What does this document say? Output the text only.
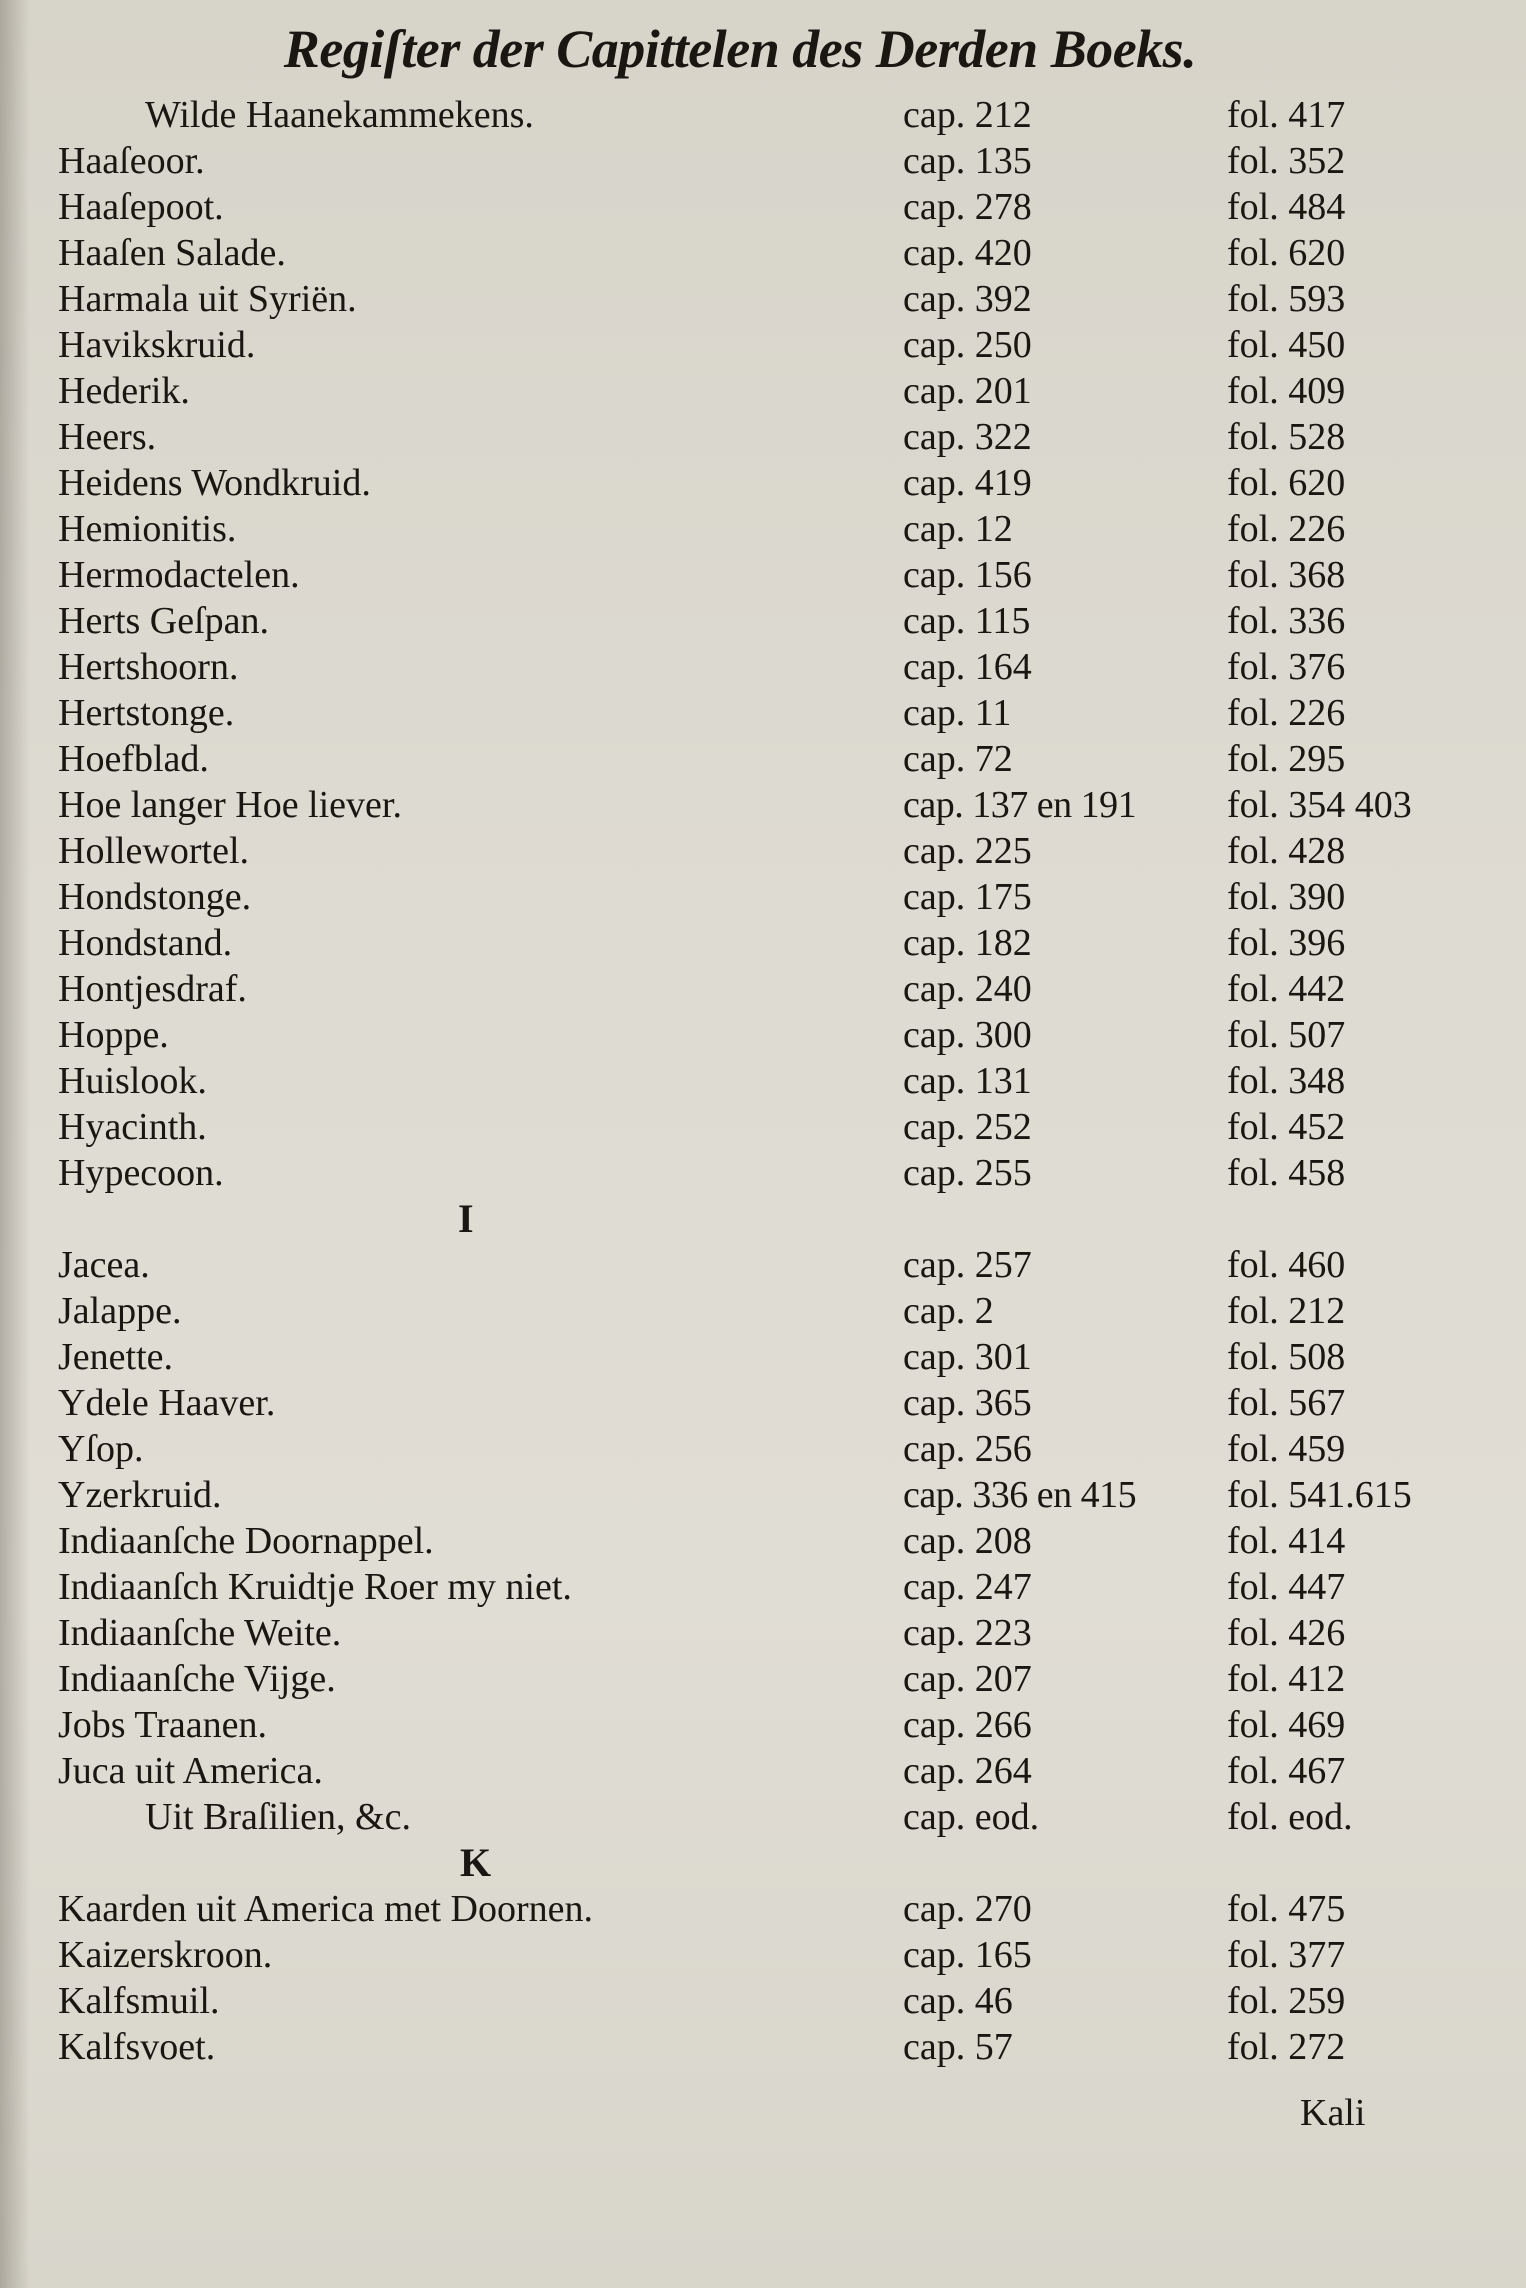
Regiſter der Capittelen des Derden Boeks.
Wilde Haanekammekens.	cap. 212	fol. 417
Haaſeoor.	cap. 135	fol. 352
Haaſepoot.	cap. 278	fol. 484
Haaſen Salade.	cap. 420	fol. 620
Harmala uit Syriën.	cap. 392	fol. 593
Havikskruid.	cap. 250	fol. 450
Hederik.	cap. 201	fol. 409
Heers.	cap. 322	fol. 528
Heidens Wondkruid.	cap. 419	fol. 620
Hemionitis.	cap. 12	fol. 226
Hermodactelen.	cap. 156	fol. 368
Herts Geſpan.	cap. 115	fol. 336
Hertshoorn.	cap. 164	fol. 376
Hertstonge.	cap. 11	fol. 226
Hoefblad.	cap. 72	fol. 295
Hoe langer Hoe liever.	cap. 137 en 191 fol. 354 403
Hollewortel.	cap. 225	fol. 428
Hondstonge.	cap. 175	fol. 390
Hondstand.	cap. 182	fol. 396
Hontjesdraf.	cap. 240	fol. 442
Hoppe.	cap. 300	fol. 507
Huislook.	cap. 131	fol. 348
Hyacinth.	cap. 252	fol. 452
Hypecoon.	cap. 255	fol. 458
Jacea.	cap. 257	fol. 460
Jalappe.	cap. 2	fol. 212
Jenette.	cap. 301	fol. 508
Ydele Haaver.	cap. 365	fol. 567
Yſop.	cap. 256	fol. 459
Yzerkruid.	cap. 336 en 415 fol. 541.615
Indiaanſche Doornappel.	cap. 208	fol. 414
Indiaanſch Kruidtje Roer my niet.	cap. 247	fol. 447
Indiaanſche Weite.	cap. 223	fol. 426
Indiaanſche Vijge.	cap. 207	fol. 412
Jobs Traanen.	cap. 266	fol. 469
Juca uit America.	cap. 264	fol. 467
Uit Braſilien, &c.	cap. eod.	fol. eod.
Kaarden uit America met Doornen.	cap. 270	fol. 475
Kaizerskroon.	cap. 165	fol. 377
Kalfsmuil.	cap. 46	fol. 259
Kalfsvoet.	cap. 57	fol. 272
I
K
Kali
